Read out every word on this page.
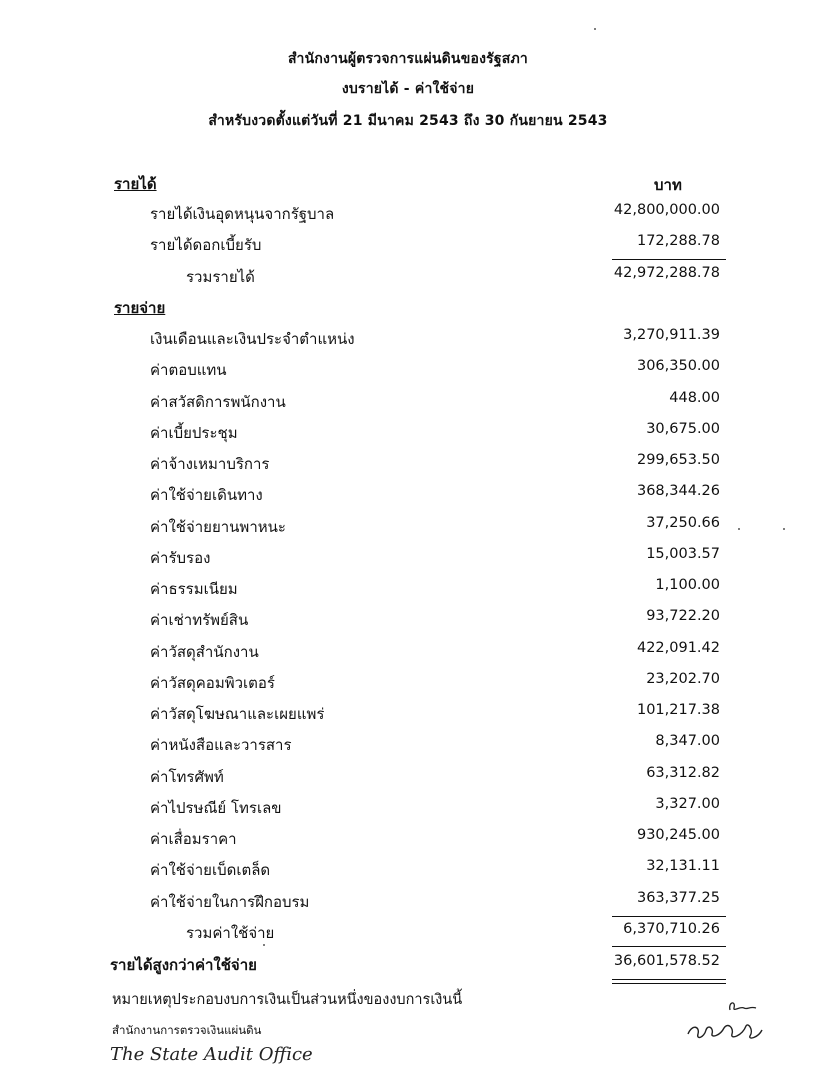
สำนักงานผู้ตรวจการแผ่นดินของรัฐสภา
งบรายได้ - ค่าใช้จ่าย
สำหรับงวดตั้งแต่วันที่ 21 มีนาคม 2543 ถึง 30 กันยายน 2543
รายได้	บาท
รายได้เงินอุดหนุนจากรัฐบาล	42,800,000.00
รายได้ดอกเบี้ยรับ	172,288.78
รวมรายได้	42,972,288.78
รายจ่าย
เงินเดือนและเงินประจำตำแหน่ง	3,270,911.39
ค่าตอบแทน	306,350.00
ค่าสวัสดิการพนักงาน	448.00
ค่าเบี้ยประชุม	30,675.00
ค่าจ้างเหมาบริการ	299,653.50
ค่าใช้จ่ายเดินทาง	368,344.26
ค่าใช้จ่ายยานพาหนะ	37,250.66
ค่ารับรอง	15,003.57
ค่าธรรมเนียม	1,100.00
ค่าเช่าทรัพย์สิน	93,722.20
ค่าวัสดุสำนักงาน	422,091.42
ค่าวัสดุคอมพิวเตอร์	23,202.70
ค่าวัสดุโฆษณาและเผยแพร่	101,217.38
ค่าหนังสือและวารสาร	8,347.00
ค่าโทรศัพท์	63,312.82
ค่าไปรษณีย์ โทรเลข	3,327.00
ค่าเสื่อมราคา	930,245.00
ค่าใช้จ่ายเบ็ดเตล็ด	32,131.11
ค่าใช้จ่ายในการฝึกอบรม	363,377.25
รวมค่าใช้จ่าย	6,370,710.26
รายได้สูงกว่าค่าใช้จ่าย	36,601,578.52
หมายเหตุประกอบงบการเงินเป็นส่วนหนึ่งของงบการเงินนี้
สำนักงานการตรวจเงินแผ่นดิน
The State Audit Office
